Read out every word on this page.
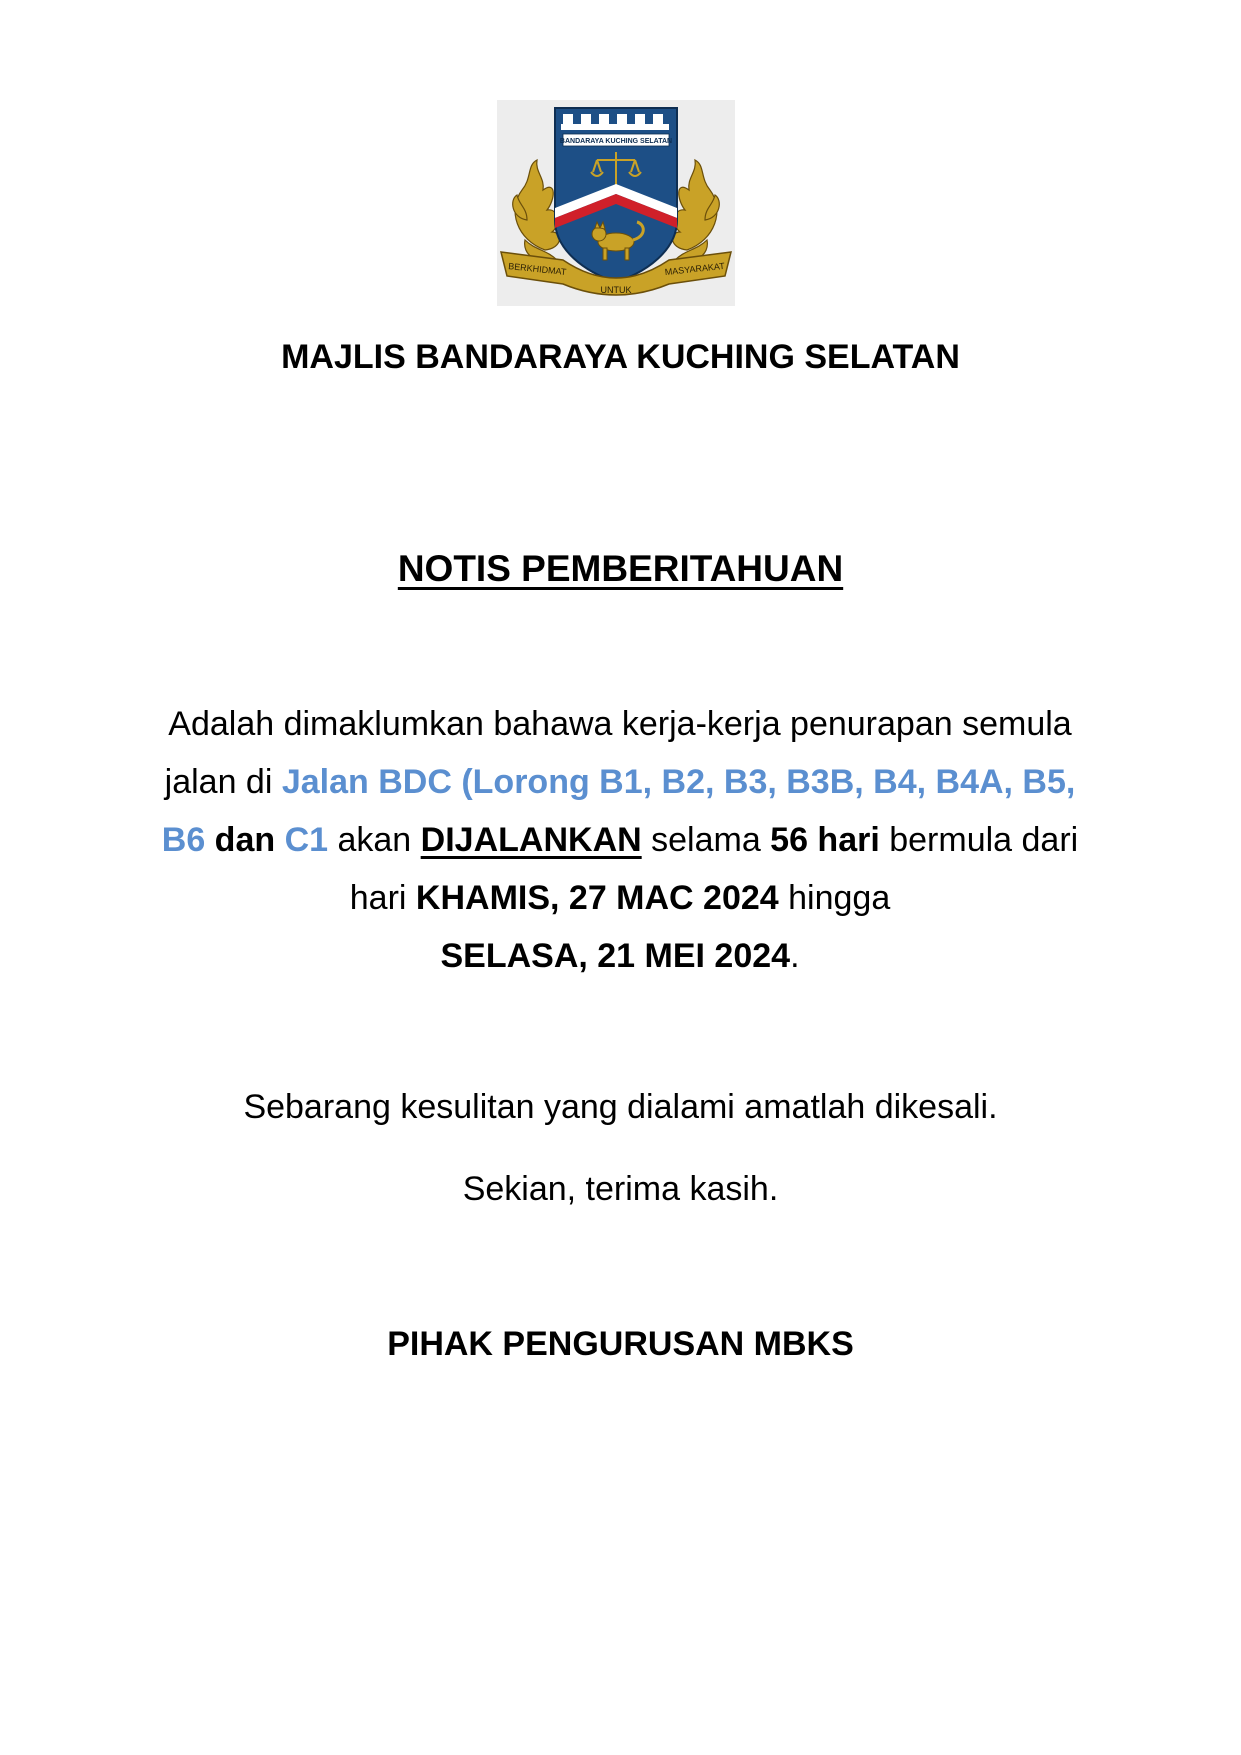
BANDARAYA KUCHING SELATAN
BERKHIDMAT
UNTUK
MASYARAKAT
MAJLIS BANDARAYA KUCHING SELATAN
NOTIS PEMBERITAHUAN
Adalah dimaklumkan bahawa kerja-kerja penurapan semula jalan di Jalan BDC (Lorong B1, B2, B3, B3B, B4, B4A, B5, B6 dan C1 akan DIJALANKAN selama 56 hari bermula dari hari KHAMIS, 27 MAC 2024 hingga
SELASA, 21 MEI 2024.
Sebarang kesulitan yang dialami amatlah dikesali.
Sekian, terima kasih.
PIHAK PENGURUSAN MBKS
